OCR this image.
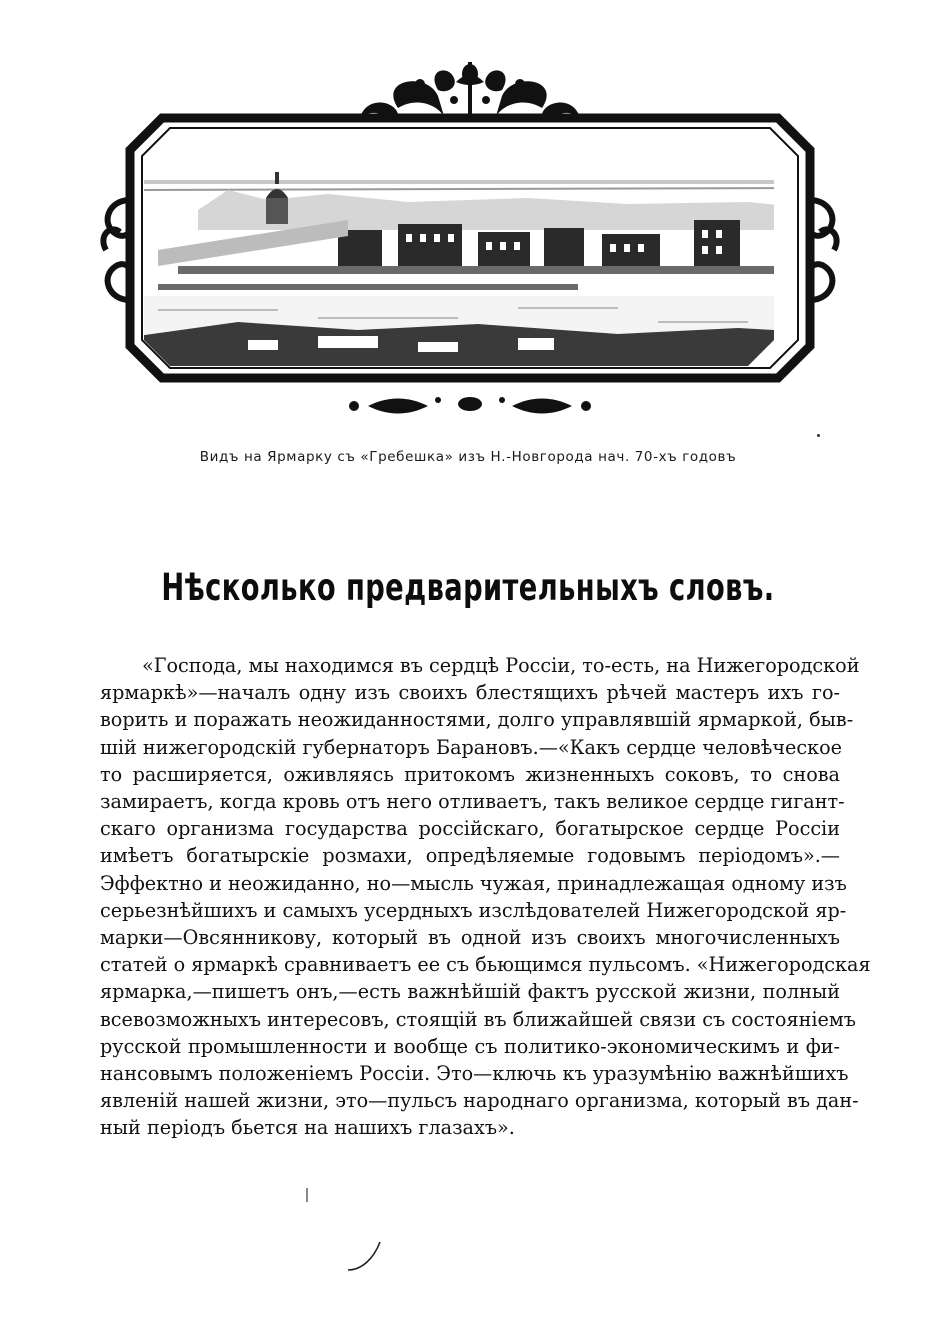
Видъ на Ярмарку съ «Гребешка» изъ Н.-Новгорода нач. 70-хъ годовъ
Нѣсколько предварительныхъ словъ.
«Господа, мы находимся въ сердцѣ Россіи, то-есть, на Нижегородской
ярмаркѣ»—началъ одну изъ своихъ блестящихъ рѣчей мастеръ ихъ го-
ворить и поражать неожиданностями, долго управлявшій ярмаркой, быв-
шій нижегородскій губернаторъ Барановъ.—«Какъ сердце человѣческое
то расширяется, оживляясь притокомъ жизненныхъ соковъ, то снова
замираетъ, когда кровь отъ него отливаетъ, такъ великое сердце гигант-
скаго организма государства россійскаго, богатырское сердце Россіи
имѣетъ богатырскіе розмахи, опредѣляемые годовымъ періодомъ».—
Эффектно и неожиданно, но—мысль чужая, принадлежащая одному изъ
серьезнѣйшихъ и самыхъ усердныхъ изслѣдователей Нижегородской яр-
марки—Овсянникову, который въ одной изъ своихъ многочисленныхъ
статей о ярмаркѣ сравниваетъ ее съ бьющимся пульсомъ. «Нижегородская
ярмарка,—пишетъ онъ,—есть важнѣйшій фактъ русской жизни, полный
всевозможныхъ интересовъ, стоящій въ ближайшей связи съ состояніемъ
русской промышленности и вообще съ политико-экономическимъ и фи-
нансовымъ положеніемъ Россіи. Это—ключь къ уразумѣнію важнѣйшихъ
явленій нашей жизни, это—пульсъ народнаго организма, который въ дан-
ный періодъ бьется на нашихъ глазахъ».
